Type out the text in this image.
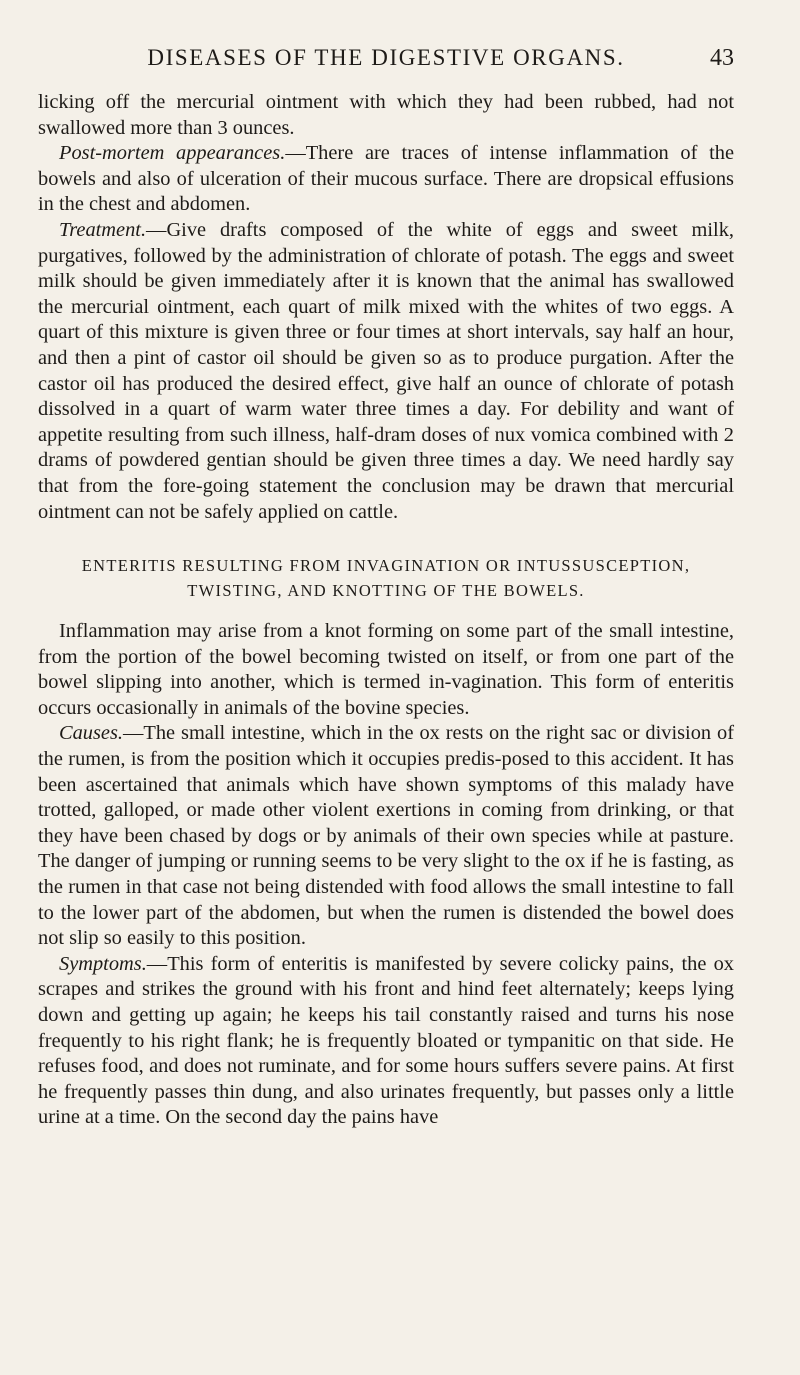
DISEASES OF THE DIGESTIVE ORGANS.	43

licking off the mercurial ointment with which they had been rubbed, had not swallowed more than 3 ounces.

Post-mortem appearances.—There are traces of intense inflammation of the bowels and also of ulceration of their mucous surface. There are dropsical effusions in the chest and abdomen.

Treatment.—Give drafts composed of the white of eggs and sweet milk, purgatives, followed by the administration of chlorate of potash. The eggs and sweet milk should be given immediately after it is known that the animal has swallowed the mercurial ointment, each quart of milk mixed with the whites of two eggs. A quart of this mixture is given three or four times at short intervals, say half an hour, and then a pint of castor oil should be given so as to produce purgation. After the castor oil has produced the desired effect, give half an ounce of chlorate of potash dissolved in a quart of warm water three times a day. For debility and want of appetite resulting from such illness, half-dram doses of nux vomica combined with 2 drams of powdered gentian should be given three times a day. We need hardly say that from the fore-going statement the conclusion may be drawn that mercurial ointment can not be safely applied on cattle.

ENTERITIS RESULTING FROM INVAGINATION OR INTUSSUSCEPTION, TWISTING, AND KNOTTING OF THE BOWELS.

Inflammation may arise from a knot forming on some part of the small intestine, from the portion of the bowel becoming twisted on itself, or from one part of the bowel slipping into another, which is termed in-vagination. This form of enteritis occurs occasionally in animals of the bovine species.

Causes.—The small intestine, which in the ox rests on the right sac or division of the rumen, is from the position which it occupies predis-posed to this accident. It has been ascertained that animals which have shown symptoms of this malady have trotted, galloped, or made other violent exertions in coming from drinking, or that they have been chased by dogs or by animals of their own species while at pasture. The danger of jumping or running seems to be very slight to the ox if he is fasting, as the rumen in that case not being distended with food allows the small intestine to fall to the lower part of the abdomen, but when the rumen is distended the bowel does not slip so easily to this position.

Symptoms.—This form of enteritis is manifested by severe colicky pains, the ox scrapes and strikes the ground with his front and hind feet alternately; keeps lying down and getting up again; he keeps his tail constantly raised and turns his nose frequently to his right flank; he is frequently bloated or tympanitic on that side. He refuses food, and does not ruminate, and for some hours suffers severe pains. At first he frequently passes thin dung, and also urinates frequently, but passes only a little urine at a time. On the second day the pains have
